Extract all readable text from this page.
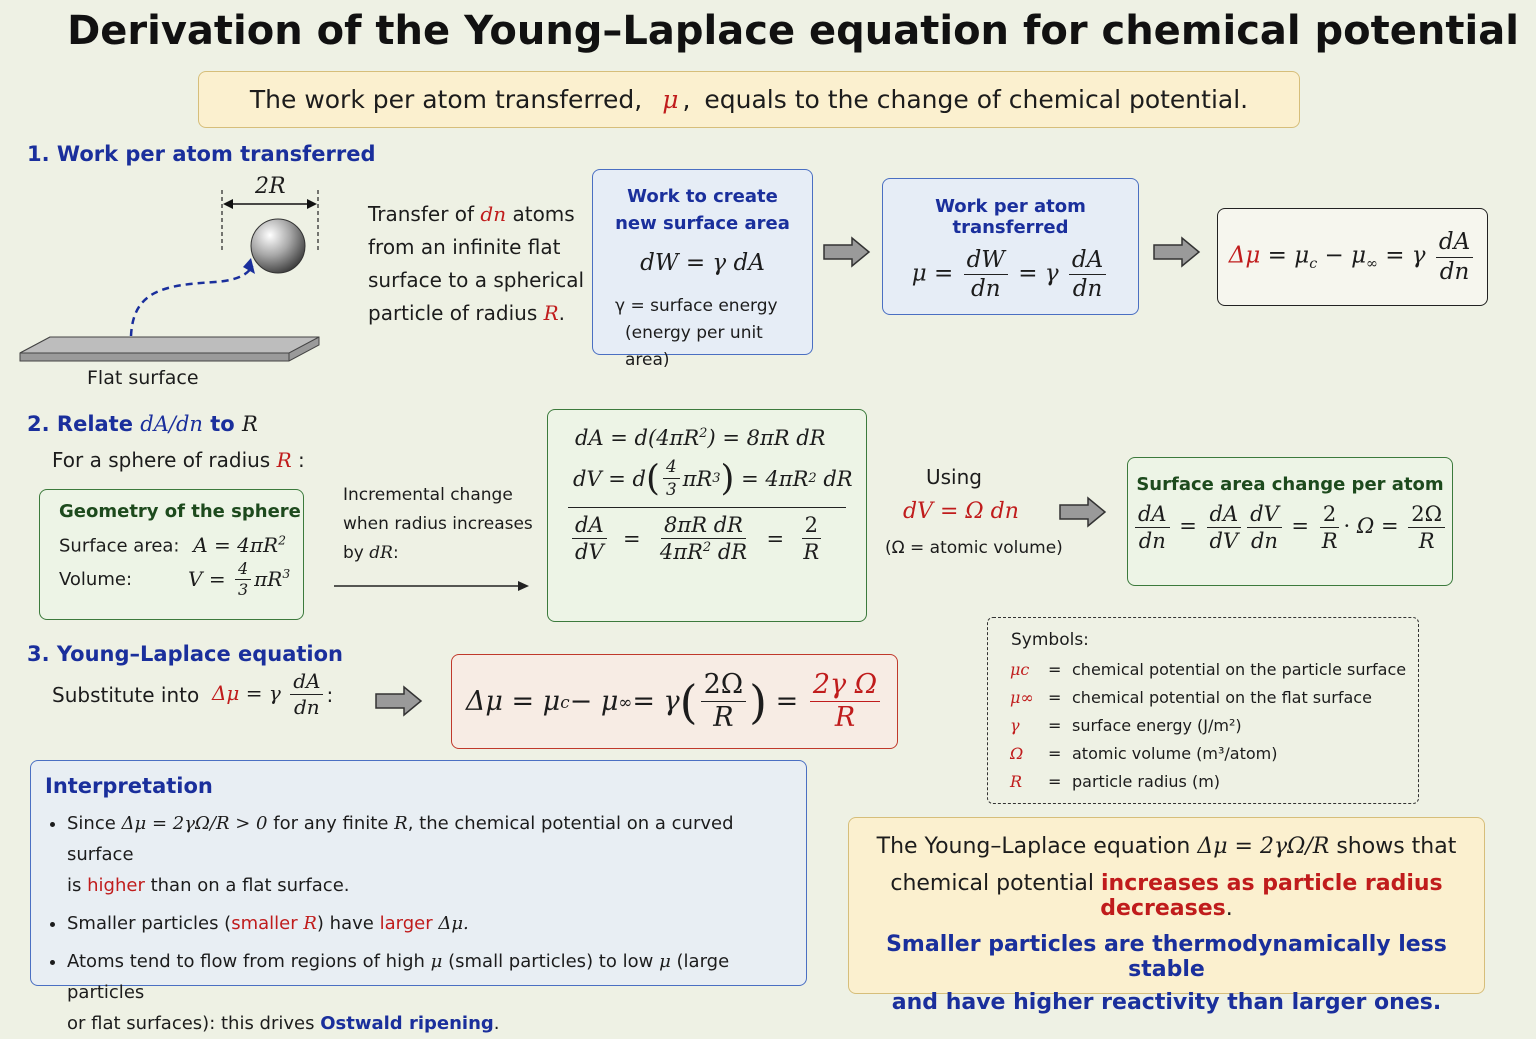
Derivation of the Young–Laplace equation for chemical potential
The work per atom transferred, μ , equals to the change of chemical potential.
1. Work per atom transferred
2R
Flat surface
Transfer of dn atoms
from an infinite flat
surface to a spherical
particle of radius R.
Work to create
new surface area
dW = γ dA
γ = surface energy
(energy per unit area)
Work per atom transferred
$\mu = \frac{dW}{dn} = \gamma \frac{dA}{dn}$	$\Delta\mu = \mu_c - \mu_\infty = \gamma \frac{dA}{dn}$
2. Relate dA/dn to R
For a sphere of radius R :
Geometry of the sphere
Surface area: $A = 4\pi R^2$
Volume:	$V = \frac{4}{3} \pi R^3$
Incremental change
when radius increases
by dR:
dA = $d(4\pi R^2) = 8\pi R$ dR
dV = d ( $\frac{4}{3}$ πR 3 ) = 4πR 2 dR
$\frac{dA}{dV} = \frac{\text{8πR dR}}{4\pi R^2 dR} = \frac{2}{R}$
Using
dV = Ω dn
(Ω = atomic volume)
Surface area change per atom
$\frac{dA}{dn} = \frac{dA}{dV} \frac{dV}{dn} = \frac{2}{R} \cdot \Omega = \frac{2\Omega}{R}$
3. Young–Laplace equation
Substitute into
Δμ = γ $\frac{dA}{dn}$ :	Δμ = μ c − μ ∞ = γ ( $\frac{2\Omega}{R}$ ) = $\frac{\text{2γ Ω}}{R}$
Symbols:
μc	= chemical potential on the particle surface
μ∞ = chemical potential on the flat surface
γ	= surface energy (J/m²)
Ω	= atomic volume (m³/atom)
R	= particle radius (m)
Interpretation
• Since Δμ = 2γΩ/R > 0 for any finite R, the chemical potential on a curved surface
is higher than on a flat surface.
• Smaller particles (smaller R) have larger Δμ.
• Atoms tend to flow from regions of high μ (small particles) to low μ (large particles
or flat surfaces): this drives Ostwald ripening.
The Young–Laplace equation Δμ = 2γΩ/R shows that
chemical potential increases as particle radius decreases.
Smaller particles are thermodynamically less stable
and have higher reactivity than larger ones.
